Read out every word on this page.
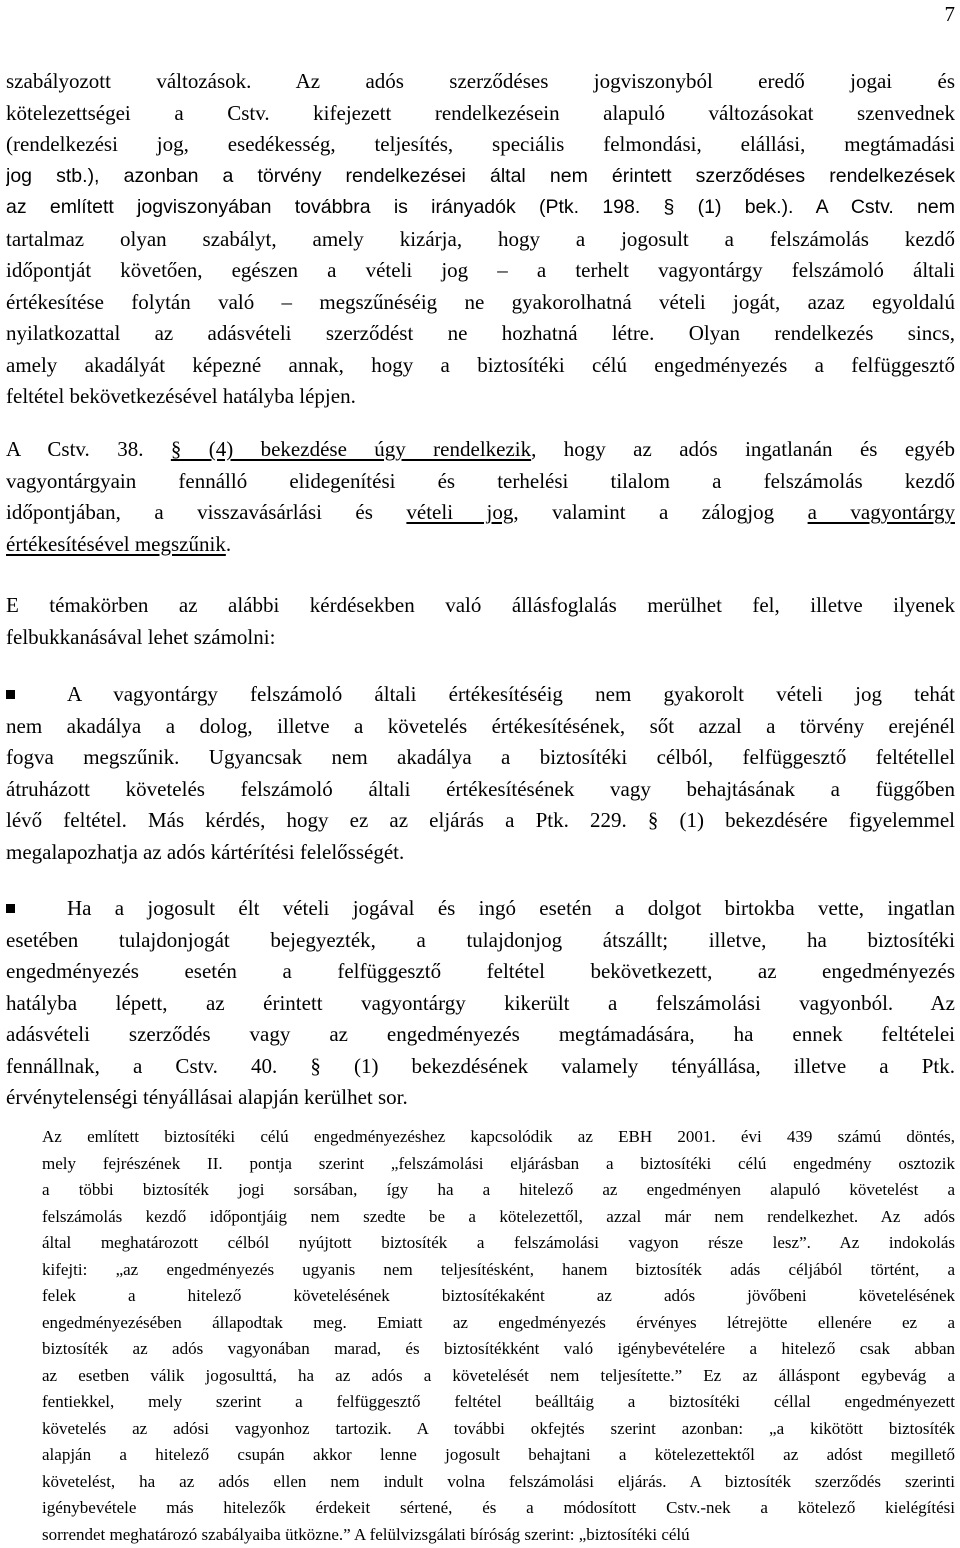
7
szabályozott változások. Az adós szerződéses jogviszonyból eredő jogai és
kötelezettségei a Cstv. kifejezett rendelkezésein alapuló változásokat szenvednek
(rendelkezési jog, esedékesség, teljesítés, speciális felmondási, elállási, megtámadási
jog stb.), azonban a törvény rendelkezései által nem érintett szerződéses rendelkezések
az említett jogviszonyában továbbra is irányadók (Ptk. 198. § (1) bek.). A Cstv. nem
tartalmaz olyan szabályt, amely kizárja, hogy a jogosult a felszámolás kezdő
időpontját követően, egészen a vételi jog – a terhelt vagyontárgy felszámoló általi
értékesítése folytán való – megszűnéséig ne gyakorolhatná vételi jogát, azaz egyoldalú
nyilatkozattal az adásvételi szerződést ne hozhatná létre. Olyan rendelkezés sincs,
amely akadályát képezné annak, hogy a biztosítéki célú engedményezés a felfüggesztő
feltétel bekövetkezésével hatályba lépjen.
A Cstv. 38. § (4) bekezdése úgy rendelkezik, hogy az adós ingatlanán és egyéb
vagyontárgyain fennálló elidegenítési és terhelési tilalom a felszámolás kezdő
időpontjában, a visszavásárlási és vételi jog, valamint a zálogjog a vagyontárgy
értékesítésével megszűnik.
E témakörben az alábbi kérdésekben való állásfoglalás merülhet fel, illetve ilyenek
felbukkanásával lehet számolni:
A vagyontárgy felszámoló általi értékesítéséig nem gyakorolt vételi jog tehát
nem akadálya a dolog, illetve a követelés értékesítésének, sőt azzal a törvény erejénél
fogva megszűnik. Ugyancsak nem akadálya a biztosítéki célból, felfüggesztő feltétellel
átruházott követelés felszámoló általi értékesítésének vagy behajtásának a függőben
lévő feltétel. Más kérdés, hogy ez az eljárás a Ptk. 229. § (1) bekezdésére figyelemmel
megalapozhatja az adós kártérítési felelősségét.
Ha a jogosult élt vételi jogával és ingó esetén a dolgot birtokba vette, ingatlan
esetében tulajdonjogát bejegyezték, a tulajdonjog átszállt; illetve, ha biztosítéki
engedményezés esetén a felfüggesztő feltétel bekövetkezett, az engedményezés
hatályba lépett, az érintett vagyontárgy kikerült a felszámolási vagyonból. Az
adásvételi szerződés vagy az engedményezés megtámadására, ha ennek feltételei
fennállnak, a Cstv. 40. § (1) bekezdésének valamely tényállása, illetve a Ptk.
érvénytelenségi tényállásai alapján kerülhet sor.
Az említett biztosítéki célú engedményezéshez kapcsolódik az EBH 2001. évi 439 számú döntés,
mely fejrészének II. pontja szerint „felszámolási eljárásban a biztosítéki célú engedmény osztozik
a többi biztosíték jogi sorsában, így ha a hitelező az engedményen alapuló követelést a
felszámolás kezdő időpontjáig nem szedte be a kötelezettől, azzal már nem rendelkezhet. Az adós
által meghatározott célból nyújtott biztosíték a felszámolási vagyon része lesz”. Az indokolás
kifejti: „az engedményezés ugyanis nem teljesítésként, hanem biztosíték adás céljából történt, a
felek a hitelező követelésének biztosítékaként az adós jövőbeni követelésének
engedményezésében állapodtak meg. Emiatt az engedményezés érvényes létrejötte ellenére ez a
biztosíték az adós vagyonában marad, és biztosítékként való igénybevételére a hitelező csak abban
az esetben válik jogosulttá, ha az adós a követelését nem teljesítette.” Ez az álláspont egybevág a
fentiekkel, mely szerint a felfüggesztő feltétel beálltáig a biztosítéki céllal engedményezett
követelés az adósi vagyonhoz tartozik. A további okfejtés szerint azonban: „a kikötött biztosíték
alapján a hitelező csupán akkor lenne jogosult behajtani a kötelezettektől az adóst megillető
követelést, ha az adós ellen nem indult volna felszámolási eljárás. A biztosíték szerződés szerinti
igénybevétele más hitelezők érdekeit sértené, és a módosított Cstv.-nek a kötelező kielégítési
sorrendet meghatározó szabályaiba ütközne.” A felülvizsgálati bíróság szerint: „biztosítéki célú
